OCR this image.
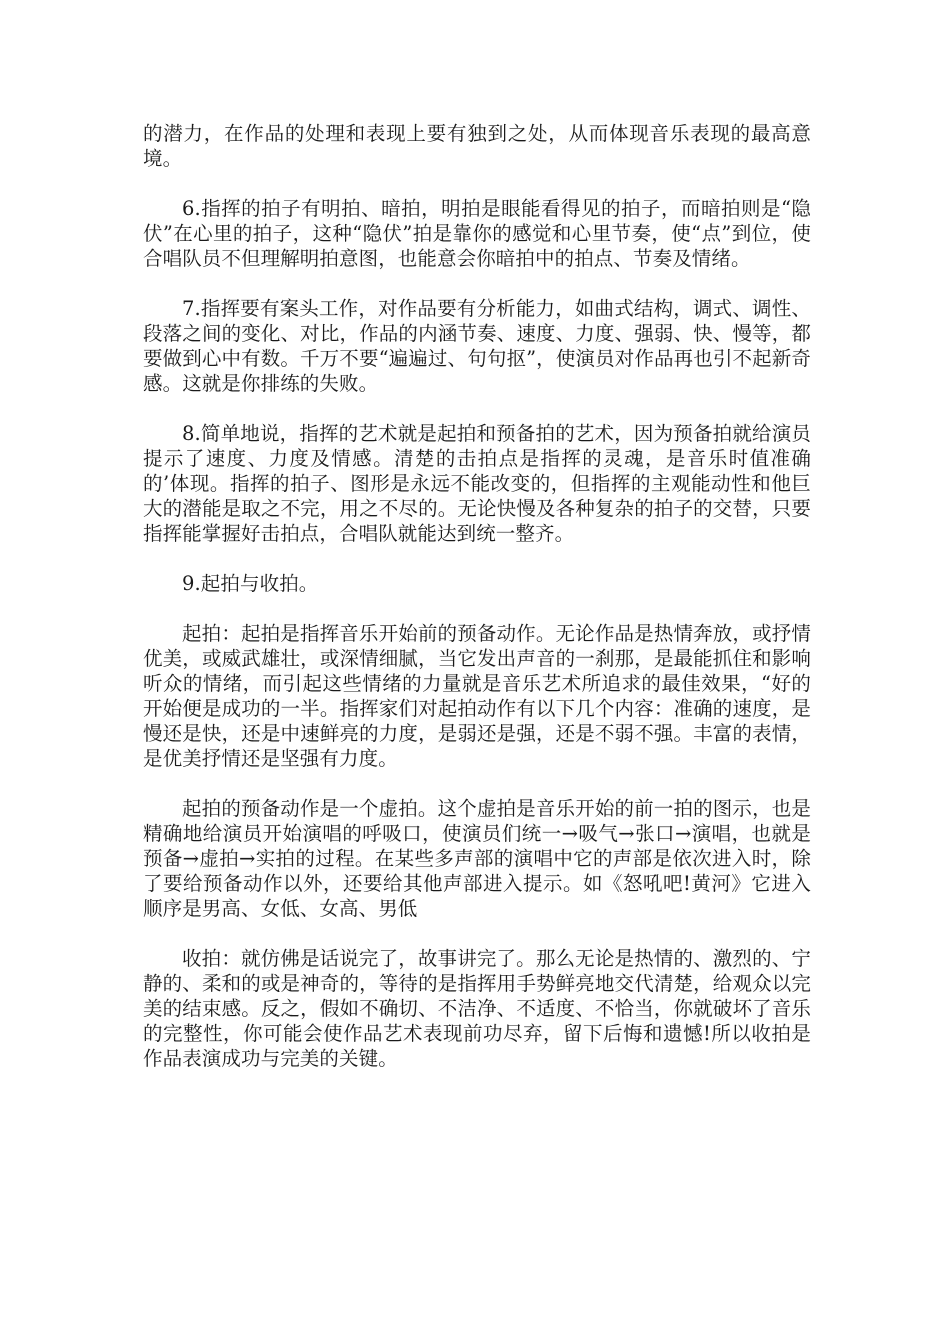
的潜力，在作品的处理和表现上要有独到之处，从而体现音乐表现的最高意境。

6.指挥的拍子有明拍、暗拍，明拍是眼能看得见的拍子，而暗拍则是“隐伏”在心里的拍子，这种“隐伏”拍是靠你的感觉和心里节奏，使“点”到位，使合唱队员不但理解明拍意图，也能意会你暗拍中的拍点、节奏及情绪。

7.指挥要有案头工作，对作品要有分析能力，如曲式结构，调式、调性、段落之间的变化、对比，作品的内涵节奏、速度、力度、强弱、快、慢等，都要做到心中有数。千万不要“遍遍过、句句抠”，使演员对作品再也引不起新奇感。这就是你排练的失败。

8.简单地说，指挥的艺术就是起拍和预备拍的艺术，因为预备拍就给演员提示了速度、力度及情感。清楚的击拍点是指挥的灵魂，是音乐时值准确的’体现。指挥的拍子、图形是永远不能改变的，但指挥的主观能动性和他巨大的潜能是取之不完，用之不尽的。无论快慢及各种复杂的拍子的交替，只要指挥能掌握好击拍点，合唱队就能达到统一整齐。

9.起拍与收拍。

起拍：起拍是指挥音乐开始前的预备动作。无论作品是热情奔放，或抒情优美，或威武雄壮，或深情细腻，当它发出声音的一刹那，是最能抓住和影响听众的情绪，而引起这些情绪的力量就是音乐艺术所追求的最佳效果，“好的开始便是成功的一半。指挥家们对起拍动作有以下几个内容：准确的速度，是慢还是快，还是中速鲜亮的力度，是弱还是强，还是不弱不强。丰富的表情，是优美抒情还是坚强有力度。

起拍的预备动作是一个虚拍。这个虚拍是音乐开始的前一拍的图示，也是精确地给演员开始演唱的呼吸口，使演员们统一→吸气→张口→演唱，也就是预备→虚拍→实拍的过程。在某些多声部的演唱中它的声部是依次进入时，除了要给预备动作以外，还要给其他声部进入提示。如《怒吼吧!黄河》它进入顺序是男高、女低、女高、男低

收拍：就仿佛是话说完了，故事讲完了。那么无论是热情的、激烈的、宁静的、柔和的或是神奇的，等待的是指挥用手势鲜亮地交代清楚，给观众以完美的结束感。反之，假如不确切、不洁净、不适度、不恰当，你就破坏了音乐的完整性，你可能会使作品艺术表现前功尽弃，留下后悔和遗憾!所以收拍是作品表演成功与完美的关键。
